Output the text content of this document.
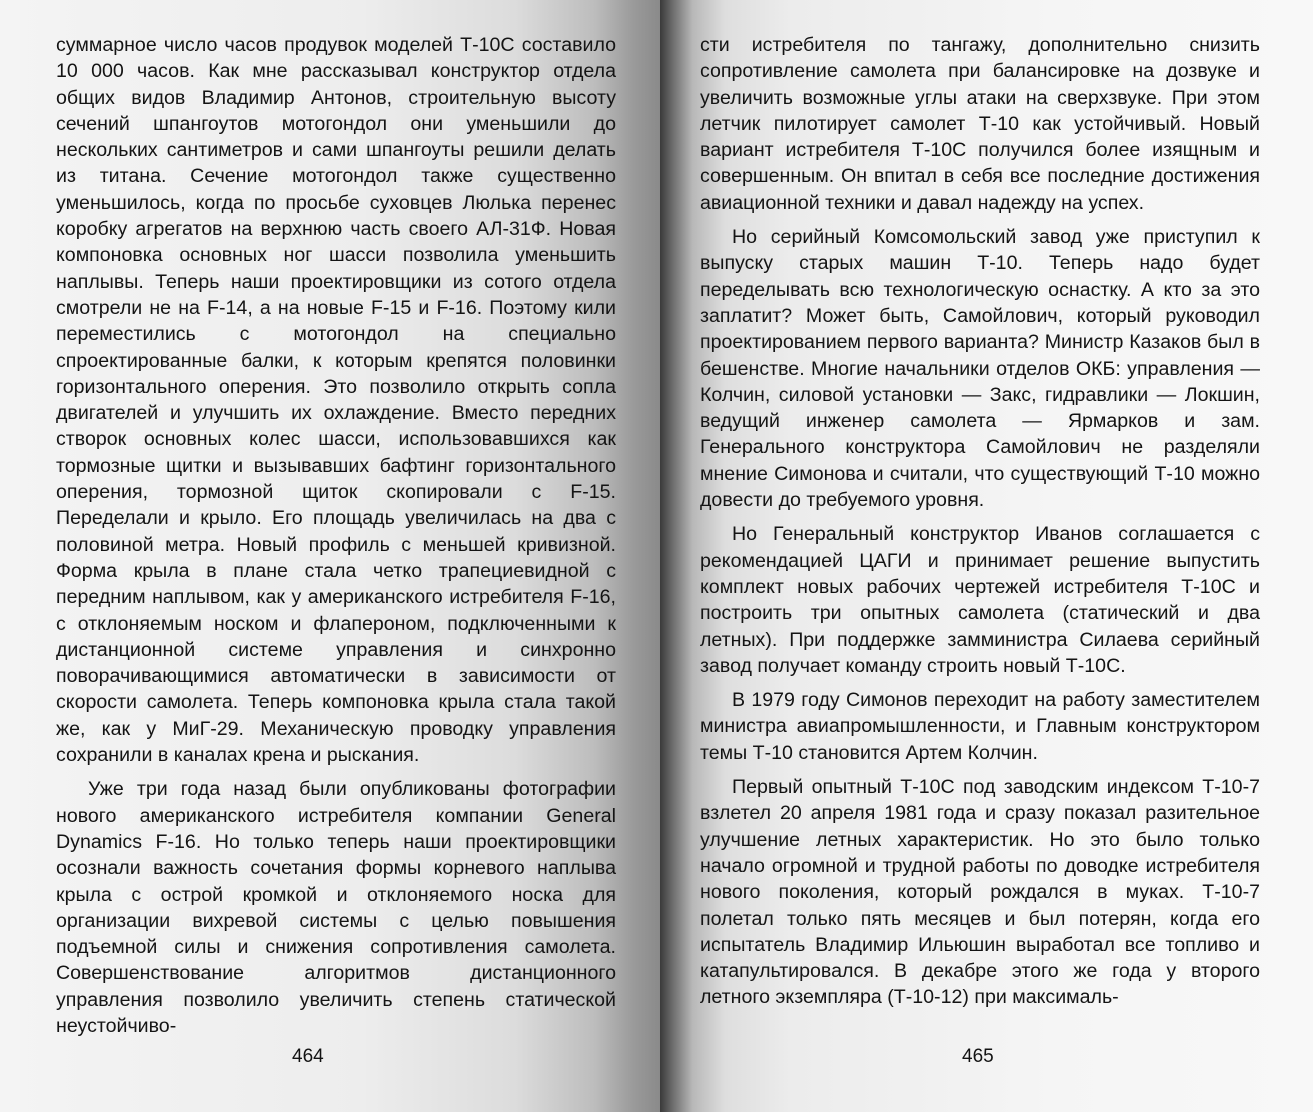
суммарное число часов продувок моделей Т-10С составило 10 000 часов. Как мне рассказывал конструктор отдела общих видов Владимир Антонов, строительную высоту сечений шпангоутов мотогондол они уменьшили до нескольких сантиметров и сами шпангоуты решили делать из титана. Сечение мотогондол также существенно уменьшилось, когда по просьбе суховцев Люлька перенес коробку агрегатов на верхнюю часть своего АЛ-31Ф. Новая компоновка основных ног шасси позволила уменьшить наплывы. Теперь наши проектировщики из сотого отдела смотрели не на F-14, а на новые F-15 и F-16. Поэтому кили переместились с мотогондол на специально спроектированные балки, к которым крепятся половинки горизонтального оперения. Это позволило открыть сопла двигателей и улучшить их охлаждение. Вместо передних створок основных колес шасси, использовавшихся как тормозные щитки и вызывавших бафтинг горизонтального оперения, тормозной щиток скопировали с F-15. Переделали и крыло. Его площадь увеличилась на два с половиной метра. Новый профиль с меньшей кривизной. Форма крыла в плане стала четко трапециевидной с передним наплывом, как у американского истребителя F-16, с отклоняемым носком и флапероном, подключенными к дистанционной системе управления и синхронно поворачивающимися автоматически в зависимости от скорости самолета. Теперь компоновка крыла стала такой же, как у МиГ-29. Механическую проводку управления сохранили в каналах крена и рыскания.

Уже три года назад были опубликованы фотографии нового американского истребителя компании General Dynamics F-16. Но только теперь наши проектировщики осознали важность сочетания формы корневого наплыва крыла с острой кромкой и отклоняемого носка для организации вихревой системы с целью повышения подъемной силы и снижения сопротивления самолета. Совершенствование алгоритмов дистанционного управления позволило увеличить степень статической неустойчиво-

464

сти истребителя по тангажу, дополнительно снизить сопротивление самолета при балансировке на дозвуке и увеличить возможные углы атаки на сверхзвуке. При этом летчик пилотирует самолет Т-10 как устойчивый. Новый вариант истребителя Т-10С получился более изящным и совершенным. Он впитал в себя все последние достижения авиационной техники и давал надежду на успех.

Но серийный Комсомольский завод уже приступил к выпуску старых машин Т-10. Теперь надо будет переделывать всю технологическую оснастку. А кто за это заплатит? Может быть, Самойлович, который руководил проектированием первого варианта? Министр Казаков был в бешенстве. Многие начальники отделов ОКБ: управления — Колчин, силовой установки — Закс, гидравлики — Локшин, ведущий инженер самолета — Ярмарков и зам. Генерального конструктора Самойлович не разделяли мнение Симонова и считали, что существующий Т-10 можно довести до требуемого уровня.

Но Генеральный конструктор Иванов соглашается с рекомендацией ЦАГИ и принимает решение выпустить комплект новых рабочих чертежей истребителя Т-10С и построить три опытных самолета (статический и два летных). При поддержке замминистра Силаева серийный завод получает команду строить новый Т-10С.

В 1979 году Симонов переходит на работу заместителем министра авиапромышленности, и Главным конструктором темы Т-10 становится Артем Колчин.

Первый опытный Т-10С под заводским индексом Т-10-7 взлетел 20 апреля 1981 года и сразу показал разительное улучшение летных характеристик. Но это было только начало огромной и трудной работы по доводке истребителя нового поколения, который рождался в муках. Т-10-7 полетал только пять месяцев и был потерян, когда его испытатель Владимир Ильюшин выработал все топливо и катапультировался. В декабре этого же года у второго летного экземпляра (Т-10-12) при максималь-

465
